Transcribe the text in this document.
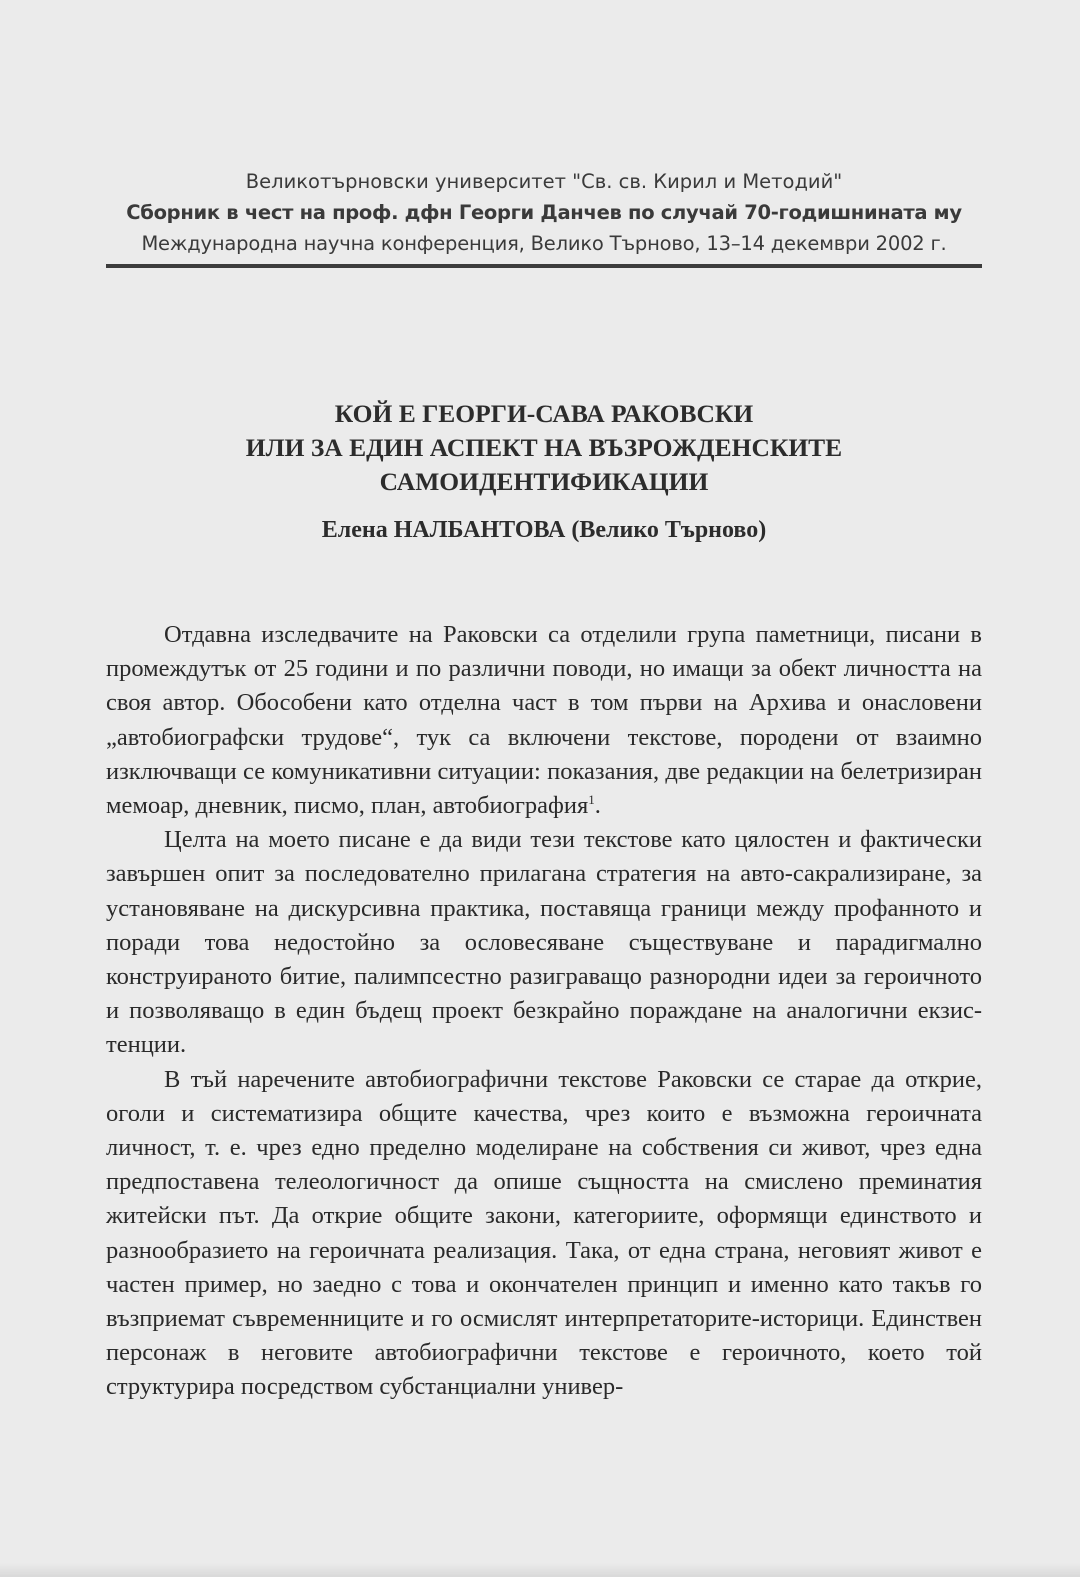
Великотърновски университет "Св. св. Кирил и Методий"
Сборник в чест на проф. дфн Георги Данчев по случай 70-годишнината му
Международна научна конференция, Велико Търново, 13–14 декември 2002 г.
КОЙ Е ГЕОРГИ-САВА РАКОВСКИ
ИЛИ ЗА ЕДИН АСПЕКТ НА ВЪЗРОЖДЕНСКИТЕ
САМОИДЕНТИФИКАЦИИ
Елена НАЛБАНТОВА (Велико Търново)

Отдавна изследвачите на Раковски са отделили група паметници, писани в промеждутък от 25 години и по различни поводи, но имащи за обект личността на своя автор. Обособени като отделна част в том първи на Архива и онасловени „автобиографски трудове“, тук са включени текстове, породени от взаимно изключващи се комуникативни ситуации: показания, две редакции на белетризиран мемоар, дневник, писмо, план, автобиография$^1$.

Целта на моето писане е да види тези текстове като цялостен и фактически завършен опит за последователно прилагана стратегия на авто-сакрализиране, за установяване на дискурсивна практика, поставяща граници между профанното и поради това недостойно за ословесяване съществуване и парадигмално конструираното битие, палимпсестно разиграващо разнородни идеи за героичното и позволяващо в един бъдещ проект безкрайно пораждане на аналогични екзистенции.

В тъй наречените автобиографични текстове Раковски се старае да открие, оголи и систематизира общите качества, чрез които е възможна героичната личност, т. е. чрез едно пределно моделиране на собствения си живот, чрез една предпоставена телеологичност да опише същността на смислено преминатия житейски път. Да открие общите закони, категориите, оформящи единството и разнообразието на героичната реализация. Така, от една страна, неговият живот е частен пример, но заедно с това и окончателен принцип и именно като такъв го възприемат съвременниците и го осмислят интерпретаторите-историци. Единствен персонаж в неговите автобиографични текстове е героичното, което той структурира посредством субстанциални универ-
